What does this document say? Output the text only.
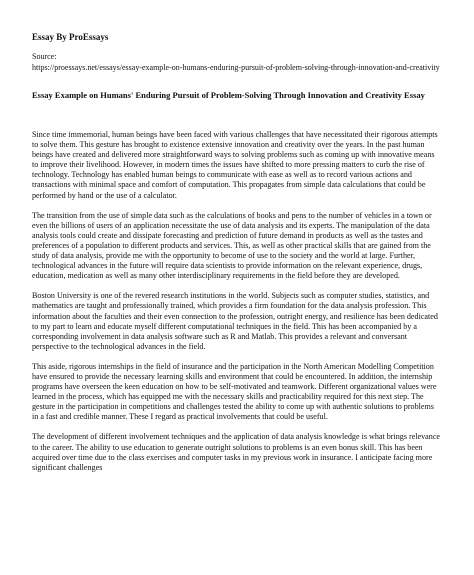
Essay By ProEssays
Source:
https://proessays.net/essays/essay-example-on-humans-enduring-pursuit-of-problem-solving-through-innovation-and-creativity
Essay Example on Humans' Enduring Pursuit of Problem-Solving Through Innovation and Creativity Essay

Since time immemorial, human beings have been faced with various challenges that have necessitated their rigorous attempts to solve them. This gesture has brought to existence extensive innovation and creativity over the years. In the past human beings have created and delivered more straightforward ways to solving problems such as coming up with innovative means to improve their livelihood. However, in modern times the issues have shifted to more pressing matters to curb the rise of technology. Technology has enabled human beings to communicate with ease as well as to record various actions and transactions with minimal space and comfort of computation. This propagates from simple data calculations that could be performed by hand or the use of a calculator.

The transition from the use of simple data such as the calculations of books and pens to the number of vehicles in a town or even the billions of users of an application necessitate the use of data analysis and its experts. The manipulation of the data analysis tools could create and dissipate forecasting and prediction of future demand in products as well as the tastes and preferences of a population to different products and services. This, as well as other practical skills that are gained from the study of data analysis, provide me with the opportunity to become of use to the society and the world at large. Further, technological advances in the future will require data scientists to provide information on the relevant experience, drugs, education, medication as well as many other interdisciplinary requirements in the field before they are developed.

Boston University is one of the revered research institutions in the world. Subjects such as computer studies, statistics, and mathematics are taught and professionally trained, which provides a firm foundation for the data analysis profession. This information about the faculties and their even connection to the profession, outright energy, and resilience has been dedicated to my part to learn and educate myself different computational techniques in the field. This has been accompanied by a corresponding involvement in data analysis software such as R and Matlab. This provides a relevant and conversant perspective to the technological advances in the field.

This aside, rigorous internships in the field of insurance and the participation in the North American Modelling Competition have ensured to provide the necessary learning skills and environment that could be encountered. In addition, the internship programs have overseen the keen education on how to be self-motivated and teamwork. Different organizational values were learned in the process, which has equipped me with the necessary skills and practicability required for this next step. The gesture in the participation in competitions and challenges tested the ability to come up with authentic solutions to problems in a fast and credible manner. These I regard as practical involvements that could be useful.

The development of different involvement techniques and the application of data analysis knowledge is what brings relevance to the career. The ability to use education to generate outright solutions to problems is an even bonus skill. This has been acquired over time due to the class exercises and computer tasks in my previous work in insurance. I anticipate facing more significant challenges
